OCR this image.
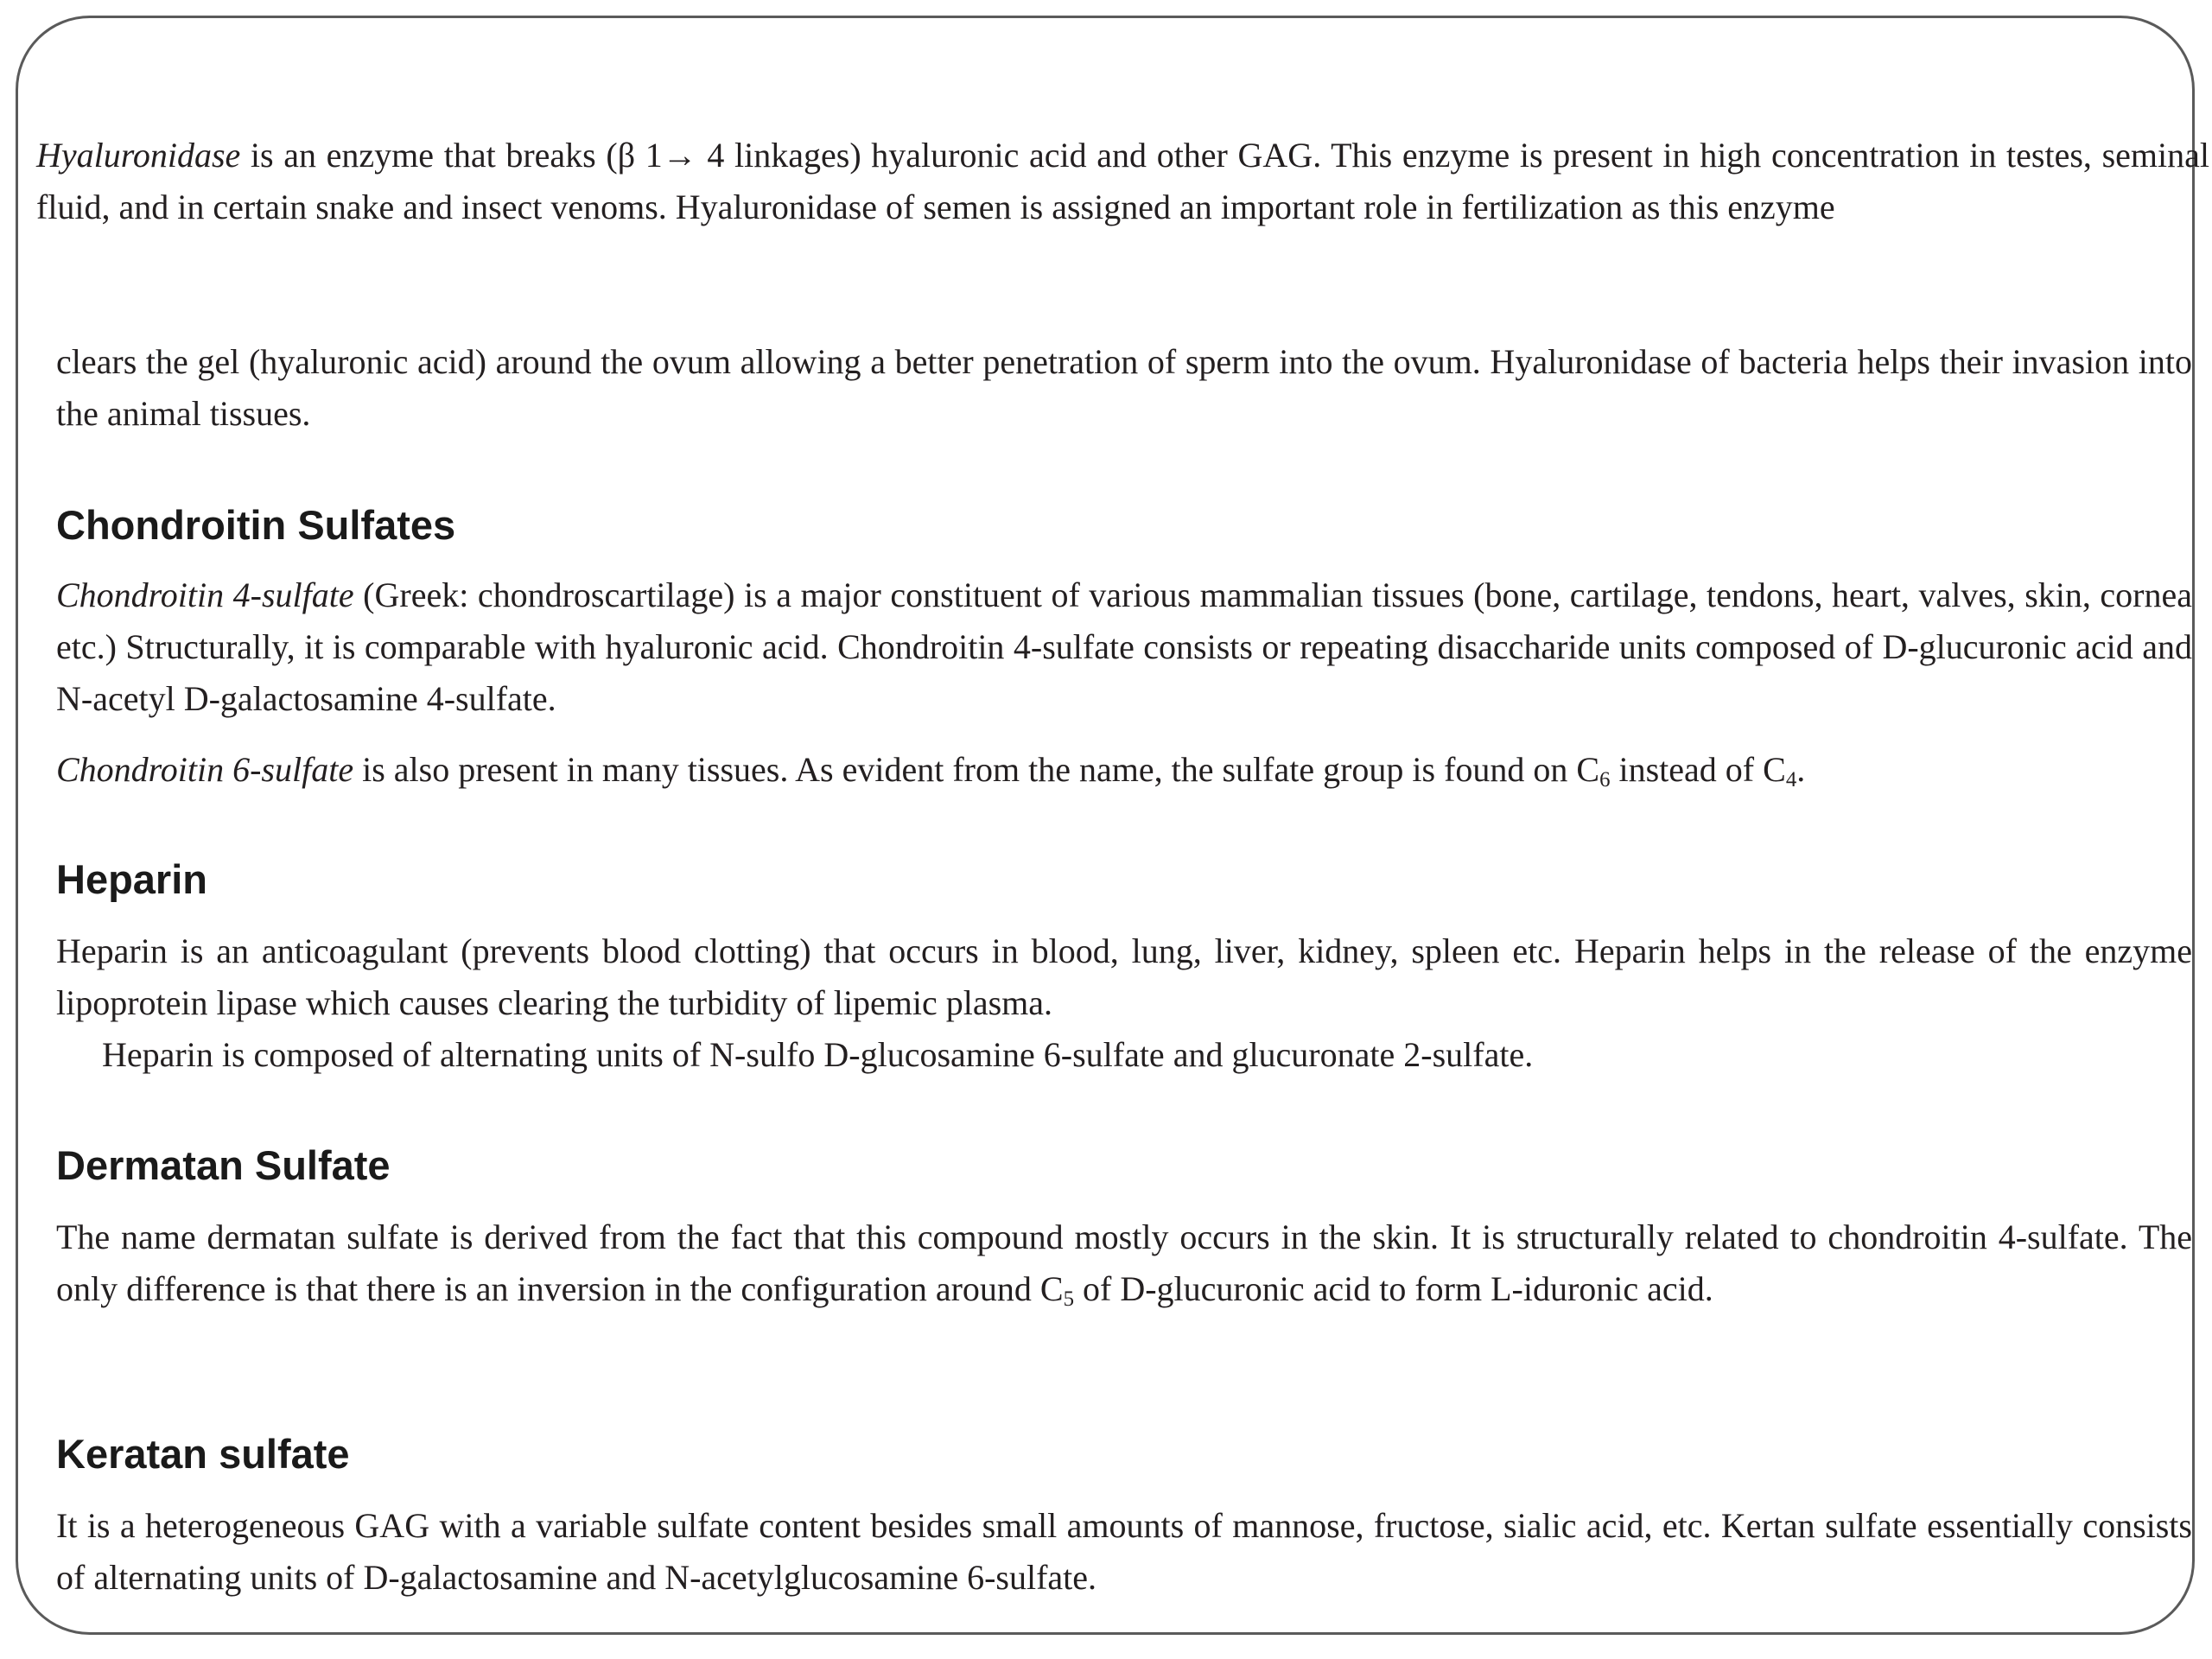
Hyaluronidase is an enzyme that breaks (β 1→ 4 linkages) hyaluronic acid and other GAG. This enzyme is present in high concentration in testes, seminal fluid, and in certain snake and insect venoms. Hyaluronidase of semen is assigned an important role in fertilization as this enzyme

clears the gel (hyaluronic acid) around the ovum allowing a better penetration of sperm into the ovum. Hyaluronidase of bacteria helps their invasion into the animal tissues.

Chondroitin Sulfates

Chondroitin 4-sulfate (Greek: chondroscartilage) is a major constituent of various mammalian tissues (bone, cartilage, tendons, heart, valves, skin, cornea etc.) Structurally, it is comparable with hyaluronic acid. Chondroitin 4-sulfate consists or repeating disaccharide units composed of D-glucuronic acid and N-acetyl D-galactosamine 4-sulfate.

Chondroitin 6-sulfate is also present in many tissues. As evident from the name, the sulfate group is found on $C_6$ instead of $C_4$.

Heparin

Heparin is an anticoagulant (prevents blood clotting) that occurs in blood, lung, liver, kidney, spleen etc. Heparin helps in the release of the enzyme lipoprotein lipase which causes clearing the turbidity of lipemic plasma.

Heparin is composed of alternating units of N-sulfo D-glucosamine 6-sulfate and glucuronate 2-sulfate.

Dermatan Sulfate

The name dermatan sulfate is derived from the fact that this compound mostly occurs in the skin. It is structurally related to chondroitin 4-sulfate. The only difference is that there is an inversion in the configuration around $C_5$ of D-glucuronic acid to form L-iduronic acid.

Keratan sulfate

It is a heterogeneous GAG with a variable sulfate content besides small amounts of mannose, fructose, sialic acid, etc. Kertan sulfate essentially consists of alternating units of D-galactosamine and N-acetylglucosamine 6-sulfate.
